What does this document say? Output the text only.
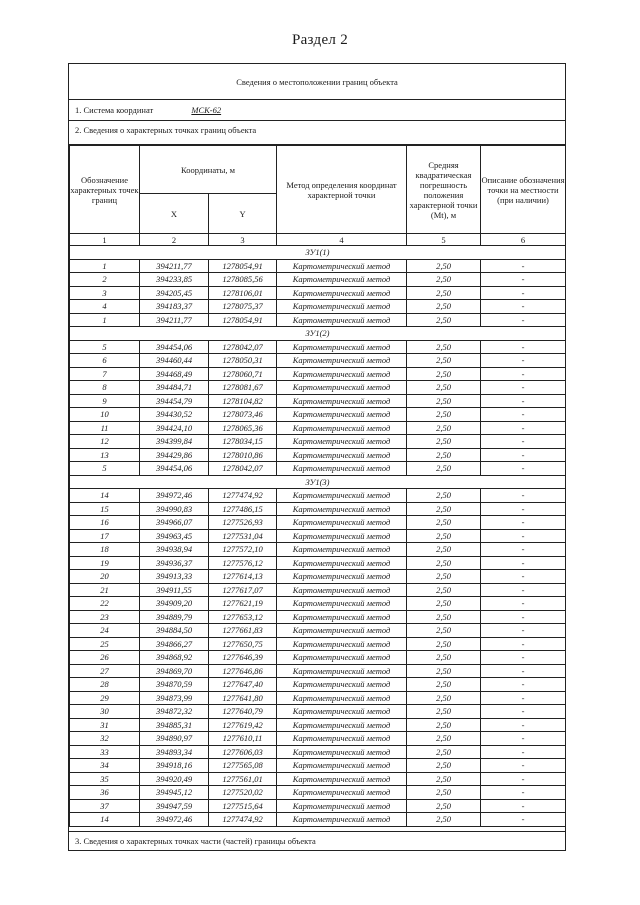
Раздел 2
Сведения о местоположении границ объекта
1. Система координат	МСК-62
2. Сведения о характерных точках границ объекта
Обозначение характерных точек границ	Координаты, м		Метод определения координат характерной точки	Средняя квадратическая погрешность положения характерной точки (Mt), м	Описание обозначения точки на местности (при наличии)
	X	Y			
1	2	3	4	5	6
ЗУ1(1)					
1	394211,77	1278054,91	Картометрический метод	2,50	-
2	394233,85	1278085,56	Картометрический метод	2,50	-
3	394205,45	1278106,01	Картометрический метод	2,50	-
4	394183,37	1278075,37	Картометрический метод	2,50	-
1	394211,77	1278054,91	Картометрический метод	2,50	-
ЗУ1(2)					
5	394454,06	1278042,07	Картометрический метод	2,50	-
6	394460,44	1278050,31	Картометрический метод	2,50	-
7	394468,49	1278060,71	Картометрический метод	2,50	-
8	394484,71	1278081,67	Картометрический метод	2,50	-
9	394454,79	1278104,82	Картометрический метод	2,50	-
10	394430,52	1278073,46	Картометрический метод	2,50	-
11	394424,10	1278065,36	Картометрический метод	2,50	-
12	394399,84	1278034,15	Картометрический метод	2,50	-
13	394429,86	1278010,86	Картометрический метод	2,50	-
5	394454,06	1278042,07	Картометрический метод	2,50	-
ЗУ1(3)					
14	394972,46	1277474,92	Картометрический метод	2,50	-
15	394990,83	1277486,15	Картометрический метод	2,50	-
16	394966,07	1277526,93	Картометрический метод	2,50	-
17	394963,45	1277531,04	Картометрический метод	2,50	-
18	394938,94	1277572,10	Картометрический метод	2,50	-
19	394936,37	1277576,12	Картометрический метод	2,50	-
20	394913,33	1277614,13	Картометрический метод	2,50	-
21	394911,55	1277617,07	Картометрический метод	2,50	-
22	394909,20	1277621,19	Картометрический метод	2,50	-
23	394889,79	1277653,12	Картометрический метод	2,50	-
24	394884,50	1277661,83	Картометрический метод	2,50	-
25	394866,27	1277650,75	Картометрический метод	2,50	-
26	394868,92	1277646,39	Картометрический метод	2,50	-
27	394869,70	1277646,86	Картометрический метод	2,50	-
28	394870,59	1277647,40	Картометрический метод	2,50	-
29	394873,99	1277641,80	Картометрический метод	2,50	-
30	394872,32	1277640,79	Картометрический метод	2,50	-
31	394885,31	1277619,42	Картометрический метод	2,50	-
32	394890,97	1277610,11	Картометрический метод	2,50	-
33	394893,34	1277606,03	Картометрический метод	2,50	-
34	394918,16	1277565,08	Картометрический метод	2,50	-
35	394920,49	1277561,01	Картометрический метод	2,50	-
36	394945,12	1277520,02	Картометрический метод	2,50	-
37	394947,59	1277515,64	Картометрический метод	2,50	-
14	394972,46	1277474,92	Картометрический метод	2,50	-
3. Сведения о характерных точках части (частей) границы объекта
